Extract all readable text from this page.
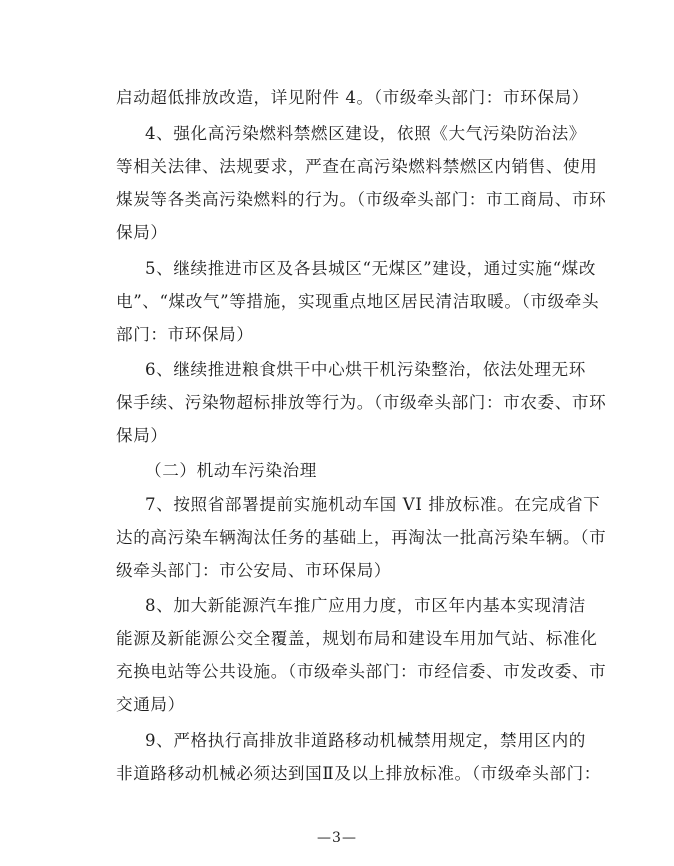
启动超低排放改造，详见附件 4。（市级牵头部门：市环保局）
4、强化高污染燃料禁燃区建设，依照《大气污染防治法》
等相关法律、法规要求，严查在高污染燃料禁燃区内销售、使用
煤炭等各类高污染燃料的行为。（市级牵头部门：市工商局、市环
保局）
5、继续推进市区及各县城区“无煤区”建设，通过实施“煤改
电”、“煤改气”等措施，实现重点地区居民清洁取暖。（市级牵头
部门：市环保局）
6、继续推进粮食烘干中心烘干机污染整治，依法处理无环
保手续、污染物超标排放等行为。（市级牵头部门：市农委、市环
保局）
（二）机动车污染治理
7、按照省部署提前实施机动车国 VI 排放标准。在完成省下
达的高污染车辆淘汰任务的基础上，再淘汰一批高污染车辆。（市
级牵头部门：市公安局、市环保局）
8、加大新能源汽车推广应用力度，市区年内基本实现清洁
能源及新能源公交全覆盖，规划布局和建设车用加气站、标准化
充换电站等公共设施。（市级牵头部门：市经信委、市发改委、市
交通局）
9、严格执行高排放非道路移动机械禁用规定，禁用区内的
非道路移动机械必须达到国Ⅱ及以上排放标准。（市级牵头部门：
—3—
